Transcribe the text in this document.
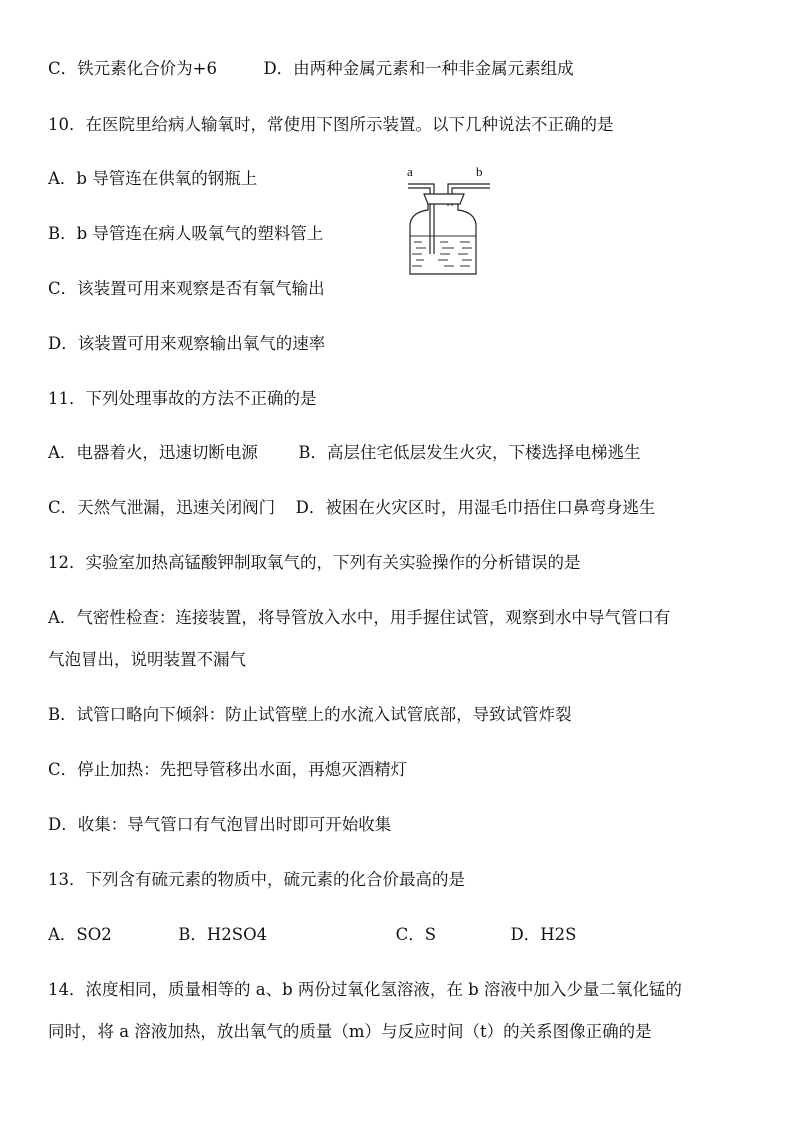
C．铁元素化合价为+6	D．由两种金属元素和一种非金属元素组成
10．在医院里给病人输氧时，常使用下图所示装置。以下几种说法不正确的是
A．b 导管连在供氧的钢瓶上
B．b 导管连在病人吸氧气的塑料管上
C．该装置可用来观察是否有氧气输出
D．该装置可用来观察输出氧气的速率
a	b
11．下列处理事故的方法不正确的是
A．电器着火，迅速切断电源 B．高层住宅低层发生火灾，下楼选择电梯逃生
C．天然气泄漏，迅速关闭阀门 D．被困在火灾区时，用湿毛巾捂住口鼻弯身逃生
12．实验室加热高锰酸钾制取氧气的，下列有关实验操作的分析错误的是
A．气密性检查：连接装置，将导管放入水中，用手握住试管，观察到水中导气管口有
气泡冒出，说明装置不漏气
B．试管口略向下倾斜：防止试管壁上的水流入试管底部，导致试管炸裂
C．停止加热：先把导管移出水面，再熄灭酒精灯
D．收集：导气管口有气泡冒出时即可开始收集
13．下列含有硫元素的物质中，硫元素的化合价最高的是
A．SO2	B．H2SO4	C．S	D．H2S
14．浓度相同，质量相等的 a、b 两份过氧化氢溶液，在 b 溶液中加入少量二氧化锰的
同时，将 a 溶液加热，放出氧气的质量（m）与反应时间（t）的关系图像正确的是
